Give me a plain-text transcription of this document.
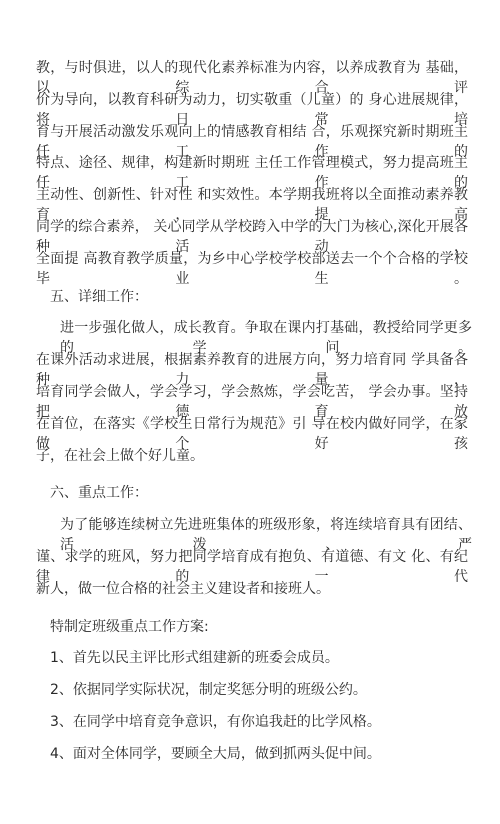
教，与时俱进，以人的现代化素养标准为内容，以养成教育为 基础，以综合评
价为导向，以教育科研为动力，切实敬重（儿童）的 身心进展规律，将日常培
育与开展活动激发乐观向上的情感教育相结 合，乐观探究新时期班主任工作的
特点、途径、规律，构建新时期班 主任工作管理模式，努力提高班主任工作的
主动性、创新性、针对性 和实效性。本学期我班将以全面推动素养教育，提高
同学的综合素养， 关心同学从学校跨入中学的大门为核心,深化开展各种活动，
全面提 高教育教学质量，为乡中心学校学校部送去一个个合格的学校毕业生。
五、详细工作：
进一步强化做人，成长教育。争取在课内打基础，教授给同学更多　的学问。
在课外活动求进展，根据素养教育的进展方向，努力培育同 学具备各种力量，
培育同学会做人，学会学习，学会熬炼，学会吃苦， 学会办事。坚持把德育放
在首位，在落实《学校生日常行为规范》引 导在校内做好同学，在家做个好孩
子，在社会上做个好儿童。
六、重点工作：
为了能够连续树立先进班集体的班级形象，将连续培育具有团结、 活泼、严
谨、求学的班风，努力把同学培育成有抱负、有道德、有文 化、有纪律的一代
新人，做一位合格的社会主义建设者和接班人。
特制定班级重点工作方案:
1、首先以民主评比形式组建新的班委会成员。
2、依据同学实际状况，制定奖惩分明的班级公约。
3、在同学中培育竞争意识，有你追我赶的比学风格。
4、面对全体同学，要顾全大局，做到抓两头促中间。
